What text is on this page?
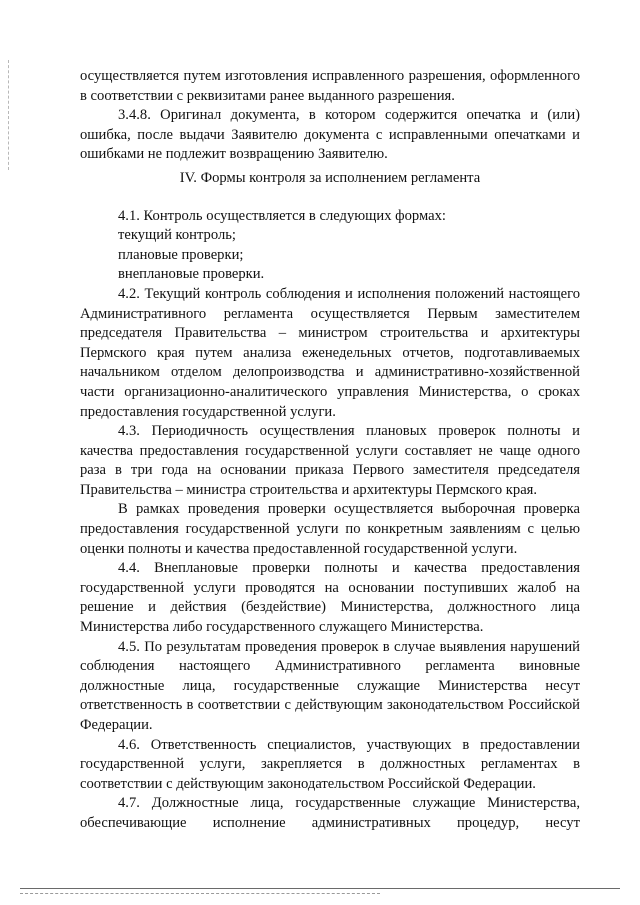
осуществляется путем изготовления исправленного разрешения, оформленного в соответствии с реквизитами ранее выданного разрешения.

3.4.8. Оригинал документа, в котором содержится опечатка и (или) ошибка, после выдачи Заявителю документа с исправленными опечатками и ошибками не подлежит возвращению Заявителю.

IV. Формы контроля за исполнением регламента

4.1. Контроль осуществляется в следующих формах:

текущий контроль;

плановые проверки;

внеплановые проверки.

4.2. Текущий контроль соблюдения и исполнения положений настоящего Административного регламента осуществляется Первым заместителем председателя Правительства – министром строительства и архитектуры Пермского края путем анализа еженедельных отчетов, подготавливаемых начальником отделом делопроизводства и административно-хозяйственной части организационно-аналитического управления Министерства, о сроках предоставления государственной услуги.

4.3. Периодичность осуществления плановых проверок полноты и качества предоставления государственной услуги составляет не чаще одного раза в три года на основании приказа Первого заместителя председателя Правительства – министра строительства и архитектуры Пермского края.

В рамках проведения проверки осуществляется выборочная проверка предоставления государственной услуги по конкретным заявлениям с целью оценки полноты и качества предоставленной государственной услуги.

4.4. Внеплановые проверки полноты и качества предоставления государственной услуги проводятся на основании поступивших жалоб на решение и действия (бездействие) Министерства, должностного лица Министерства либо государственного служащего Министерства.

4.5. По результатам проведения проверок в случае выявления нарушений соблюдения настоящего Административного регламента виновные должностные лица, государственные служащие Министерства несут ответственность в соответствии с действующим законодательством Российской Федерации.

4.6. Ответственность специалистов, участвующих в предоставлении государственной услуги, закрепляется в должностных регламентах в соответствии с действующим законодательством Российской Федерации.

4.7. Должностные лица, государственные служащие Министерства, обеспечивающие исполнение административных процедур, несут
